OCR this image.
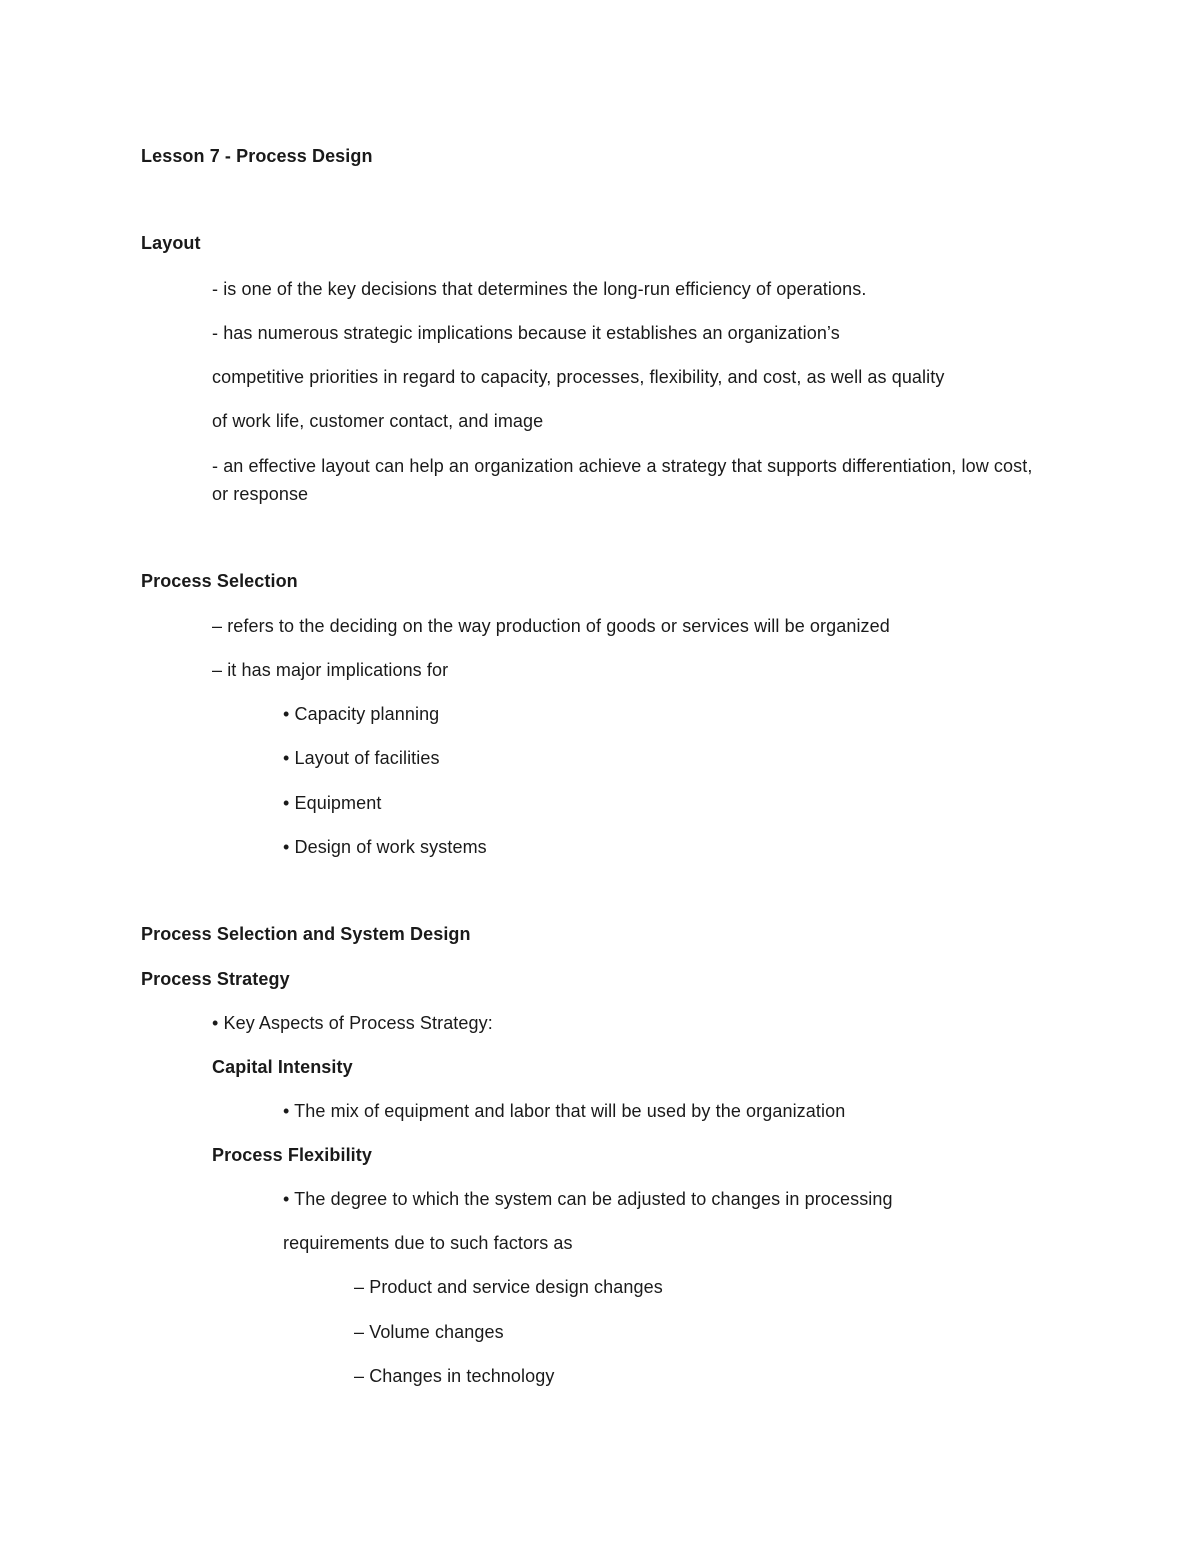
Lesson 7 - Process Design
Layout
- is one of the key decisions that determines the long-run efficiency of operations.
- has numerous strategic implications because it establishes an organization’s
competitive priorities in regard to capacity, processes, flexibility, and cost, as well as quality
of work life, customer contact, and image
- an effective layout can help an organization achieve a strategy that supports differentiation, low cost, or response
Process Selection
– refers to the deciding on the way production of goods or services will be organized
– it has major implications for
• Capacity planning
• Layout of facilities
• Equipment
• Design of work systems
Process Selection and System Design
Process Strategy
• Key Aspects of Process Strategy:
Capital Intensity
• The mix of equipment and labor that will be used by the organization
Process Flexibility
• The degree to which the system can be adjusted to changes in processing
requirements due to such factors as
– Product and service design changes
– Volume changes
– Changes in technology
